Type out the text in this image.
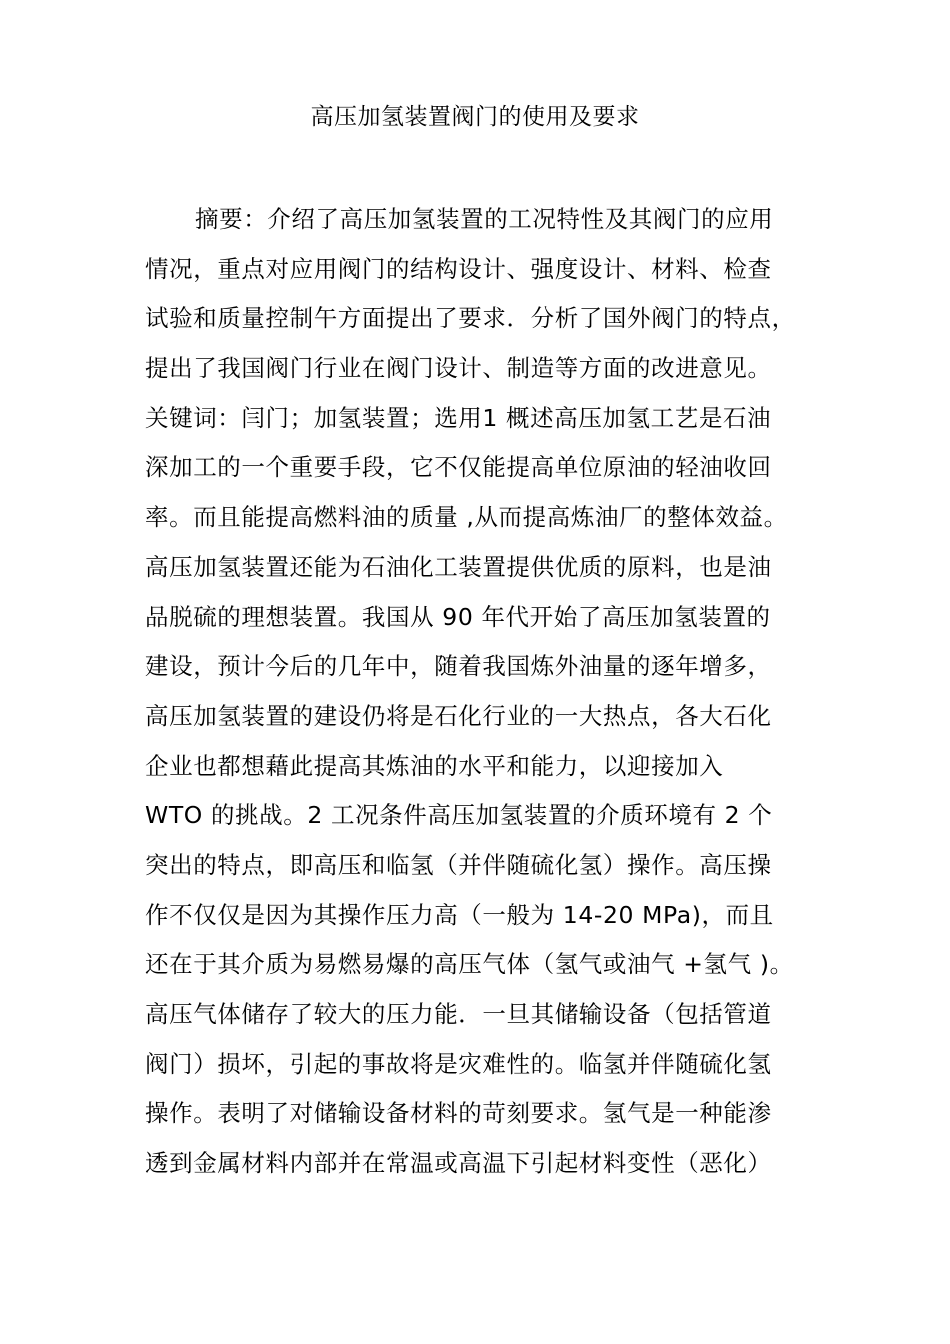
高压加氢装置阀门的使用及要求
摘要：介绍了高压加氢装置的工况特性及其阀门的应用
情况，重点对应用阀门的结构设计、强度设计、材料、检查
试验和质量控制午方面提出了要求．分析了国外阀门的特点，
提出了我国阀门行业在阀门设计、制造等方面的改进意见。
关键词：闫门；加氢装置；选用1 概述高压加氢工艺是石油
深加工的一个重要手段，它不仅能提高单位原油的轻油收回
率。而且能提高燃料油的质量 ,从而提高炼油厂的整体效益。
高压加氢装置还能为石油化工装置提供优质的原料，也是油
品脱硫的理想装置。我国从 90 年代开始了高压加氢装置的
建设，预计今后的几年中，随着我国炼外油量的逐年增多，
高压加氢装置的建设仍将是石化行业的一大热点，各大石化
企业也都想藉此提高其炼油的水平和能力，以迎接加入
WTO 的挑战。2 工况条件高压加氢装置的介质环境有 2 个
突出的特点，即高压和临氢（并伴随硫化氢）操作。高压操
作不仅仅是因为其操作压力高（一般为 14-20 MPa)，而且
还在于其介质为易燃易爆的高压气体（氢气或油气 +氢气 )。
高压气体储存了较大的压力能．一旦其储输设备（包括管道
阀门）损坏，引起的事故将是灾难性的。临氢并伴随硫化氢
操作。表明了对储输设备材料的苛刻要求。氢气是一种能渗
透到金属材料内部并在常温或高温下引起材料变性（恶化）
